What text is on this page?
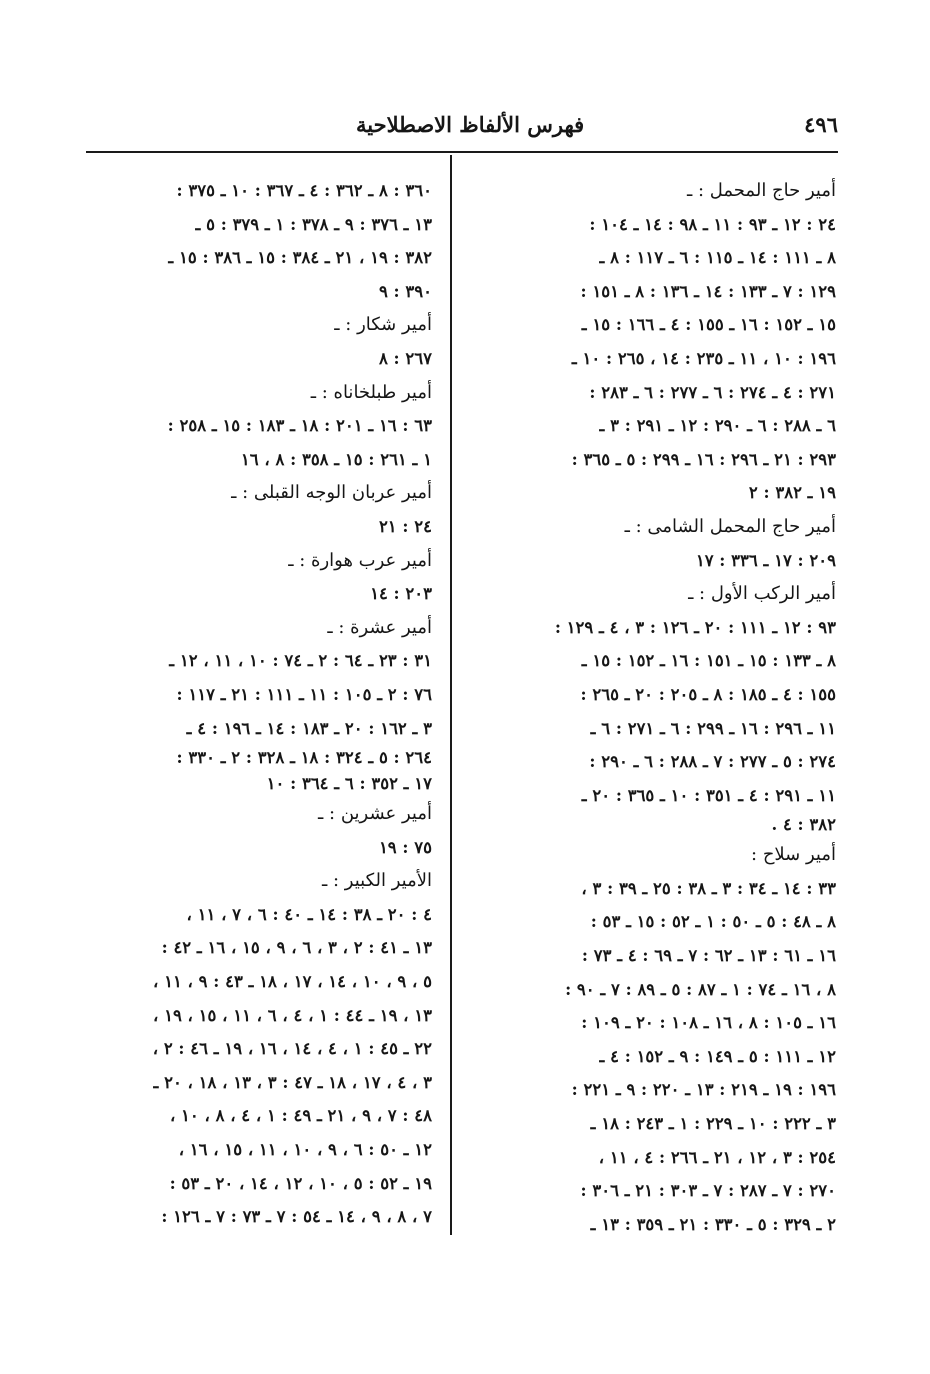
٤٩٦
فهرس الألفاظ الاصطلاحية
أمير حاج المحمل : ـ
٢٤ : ١٢ ـ ٩٣ : ١١ ـ ٩٨ : ١٤ ـ ١٠٤ :
٨ ـ ١١١ : ١٤ ـ ١١٥ : ٦ ـ ١١٧ : ٨ ـ
١٢٩ : ٧ ـ ١٣٣ : ١٤ ـ ١٣٦ : ٨ ـ ١٥١ :
١٥ ـ ١٥٢ : ١٦ ـ ١٥٥ : ٤ ـ ١٦٦ : ١٥ ـ
١٩٦ : ١٠ ، ١١ ـ ٢٣٥ : ١٤ ، ٢٦٥ : ١٠ ـ
٢٧١ : ٤ ـ ٢٧٤ : ٦ ـ ٢٧٧ : ٦ ـ ٢٨٣ :
٦ ـ ٢٨٨ : ٦ ـ ٢٩٠ : ١٢ ـ ٢٩١ : ٣ ـ
٢٩٣ : ٢١ ـ ٢٩٦ : ١٦ ـ ٢٩٩ : ٥ ـ ٣٦٥ :
١٩ ـ ٣٨٢ : ٢
أمير حاج المحمل الشامى : ـ
٢٠٩ : ١٧ ـ ٣٣٦ : ١٧
أمير الركب الأول : ـ
٩٣ : ١٢ ـ ١١١ : ٢٠ ـ ١٢٦ : ٣ ، ٤ ـ ١٢٩ :
٨ ـ ١٣٣ : ١٥ ـ ١٥١ : ١٦ ـ ١٥٢ : ١٥ ـ
١٥٥ : ٤ ـ ١٨٥ : ٨ ـ ٢٠٥ : ٢٠ ـ ٢٦٥ :
١١ ـ ٢٩٦ : ١٦ ـ ٢٩٩ : ٦ ـ ٢٧١ : ٦ ـ
٢٧٤ : ٥ ـ ٢٧٧ : ٧ ـ ٢٨٨ : ٦ ـ ٢٩٠ :
١١ ـ ٢٩١ : ٤ ـ ٣٥١ : ١٠ ـ ٣٦٥ : ٢٠ ـ
٣٨٢ : ٤ .
أمير سلاح :
٣٣ : ١٤ ـ ٣٤ : ٣ ـ ٣٨ : ٢٥ ـ ٣٩ : ٣ ،
٨ ـ ٤٨ : ٥ ـ ٥٠ : ١ ـ ٥٢ : ١٥ ـ ٥٣ :
١٦ ـ ٦١ : ١٣ ـ ٦٢ : ٧ ـ ٦٩ : ٤ ـ ٧٣ :
٨ ، ١٦ ـ ٧٤ : ١ ـ ٨٧ : ٥ ـ ٨٩ : ٧ ـ ٩٠ :
١٦ ـ ١٠٥ : ٨ ، ١٦ ـ ١٠٨ : ٢٠ ـ ١٠٩ :
١٢ ـ ١١١ : ٥ ـ ١٤٩ : ٩ ـ ١٥٢ : ٤ ـ
١٩٦ : ١٩ ـ ٢١٩ : ١٣ ـ ٢٢٠ : ٩ ـ ٢٢١ :
٣ ـ ٢٢٢ : ١٠ ـ ٢٢٩ : ١ ـ ٢٤٣ : ١٨ ـ
٢٥٤ : ٣ ، ١٢ ، ٢١ ـ ٢٦٦ : ٤ ، ١١ ،
٢٧٠ : ٧ ـ ٢٨٧ : ٧ ـ ٣٠٣ : ٢١ ـ ٣٠٦ :
٢ ـ ٣٢٩ : ٥ ـ ٣٣٠ : ٢١ ـ ٣٥٩ : ١٣ ـ
٣٦٠ : ٨ ـ ٣٦٢ : ٤ ـ ٣٦٧ : ١٠ ـ ٣٧٥ :
١٣ ـ ٣٧٦ : ٩ ـ ٣٧٨ : ١ ـ ٣٧٩ : ٥ ـ
٣٨٢ : ١٩ ، ٢١ ـ ٣٨٤ : ١٥ ـ ٣٨٦ : ١٥ ـ
٣٩٠ : ٩
أمير شكار : ـ
٢٦٧ : ٨
أمير طبلخاناه : ـ
٦٣ : ١٦ ـ ٢٠١ : ١٨ ـ ١٨٣ : ١٥ ـ ٢٥٨ :
١ ـ ٢٦١ : ١٥ ـ ٣٥٨ : ٨ ، ١٦
أمير عربان الوجه القبلى : ـ
٢٤ : ٢١
أمير عرب هوارة : ـ
٢٠٣ : ١٤
أمير عشرة : ـ
٣١ : ٢٣ ـ ٦٤ : ٢ ـ ٧٤ : ١٠ ، ١١ ، ١٢ ـ
٧٦ : ٢ ـ ١٠٥ : ١١ ـ ١١١ : ٢١ ـ ١١٧ :
٣ ـ ١٦٢ : ٢٠ ـ ١٨٣ : ١٤ ـ ١٩٦ : ٤ ـ
٢٦٤ : ٥ ـ ٣٢٤ : ١٨ ـ ٣٢٨ : ٢ ـ ٣٣٠ :
١٧ ـ ٣٥٢ : ٦ ـ ٣٦٤ : ١٠
أمير عشرين : ـ
٧٥ : ١٩
الأمير الكبير : ـ
٤ : ٢٠ ـ ٣٨ : ١٤ ـ ٤٠ : ٦ ، ٧ ، ١١ ،
١٣ ـ ٤١ : ٢ ، ٣ ، ٦ ، ٩ ، ١٥ ، ١٦ ـ ٤٢ :
٥ ، ٩ ، ١٠ ، ١٤ ، ١٧ ، ١٨ ـ ٤٣ : ٩ ، ١١ ،
١٣ ، ١٩ ـ ٤٤ : ١ ، ٤ ، ٦ ، ١١ ، ١٥ ، ١٩ ،
٢٢ ـ ٤٥ : ١ ، ٤ ، ١٤ ، ١٦ ، ١٩ ـ ٤٦ : ٢ ،
٣ ، ٤ ، ١٧ ، ١٨ ـ ٤٧ : ٣ ، ١٣ ، ١٨ ، ٢٠ ـ
٤٨ : ٧ ، ٩ ، ٢١ ـ ٤٩ : ١ ، ٤ ، ٨ ، ١٠ ،
١٢ ـ ٥٠ : ٦ ، ٩ ، ١٠ ، ١١ ، ١٥ ، ١٦ ،
١٩ ـ ٥٢ : ٥ ، ١٠ ، ١٢ ، ١٤ ، ٢٠ ـ ٥٣ :
٧ ، ٨ ، ٩ ، ١٤ ـ ٥٤ : ٧ ـ ٧٣ : ٧ ـ ١٢٦ :
